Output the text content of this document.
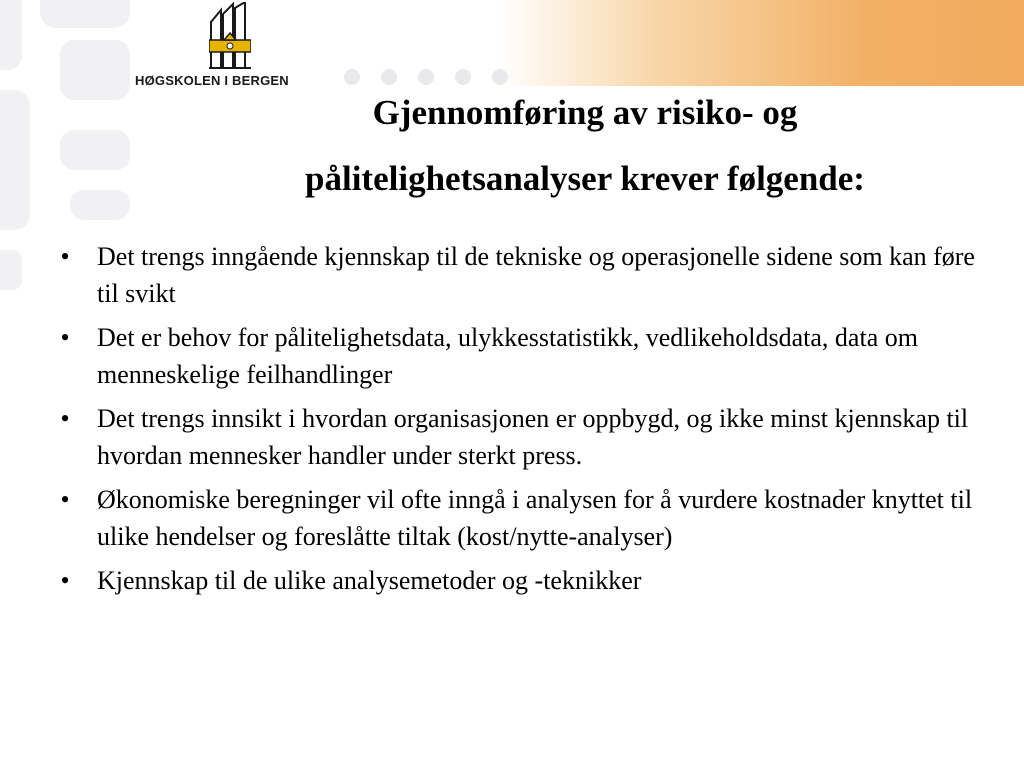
HØGSKOLEN I BERGEN
Gjennomføring av risiko- og
pålitelighetsanalyser krever følgende:
• Det trengs inngående kjennskap til de tekniske og operasjonelle sidene som kan føre til svikt
• Det er behov for pålitelighetsdata, ulykkesstatistikk, vedlikeholdsdata, data om menneskelige feilhandlinger
• Det trengs innsikt i hvordan organisasjonen er oppbygd, og ikke minst kjennskap til hvordan mennesker handler under sterkt press.
• Økonomiske beregninger vil ofte inngå i analysen for å vurdere kostnader knyttet til ulike hendelser og foreslåtte tiltak (kost/nytte-analyser)
• Kjennskap til de ulike analysemetoder og -teknikker
